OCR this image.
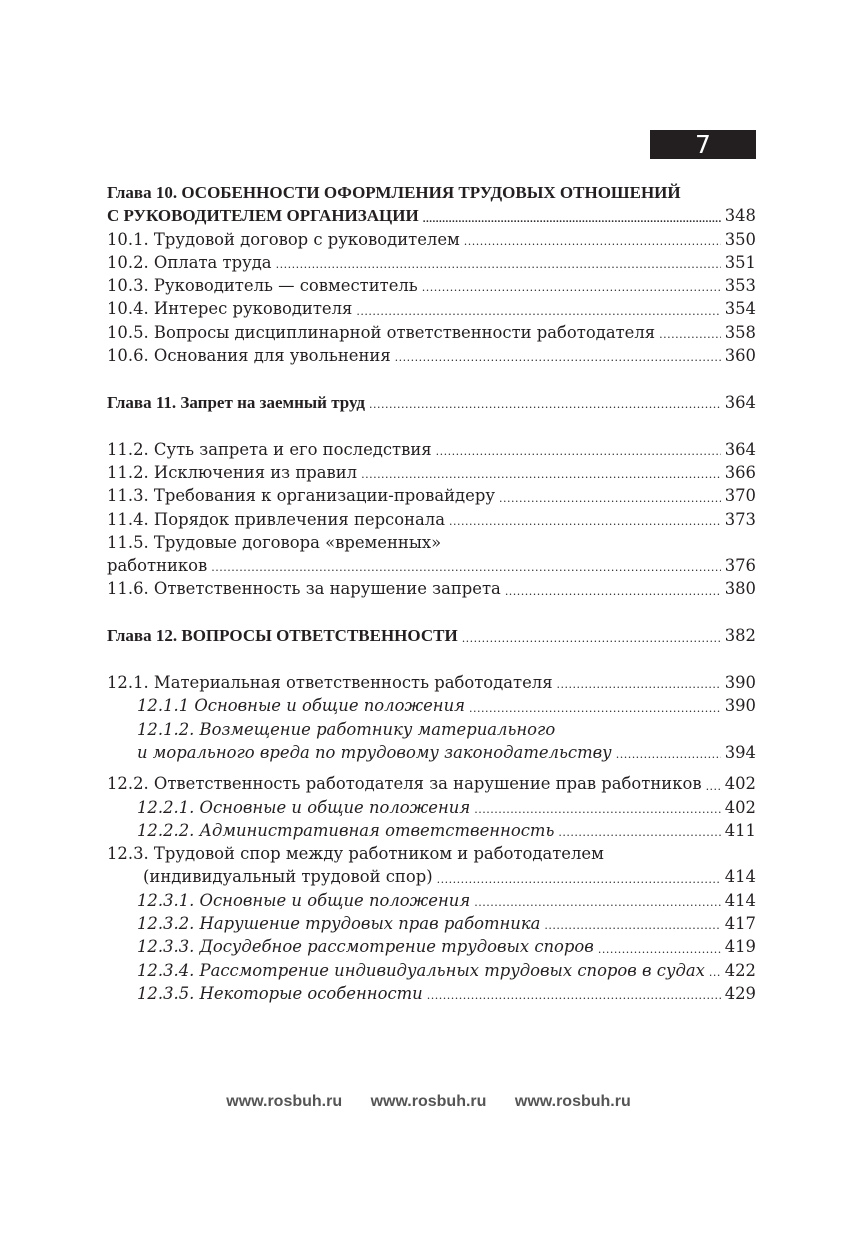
7
Глава 10. ОСОБЕННОСТИ ОФОРМЛЕНИЯ ТРУДОВЫХ ОТНОШЕНИЙ
С РУКОВОДИТЕЛЕМ ОРГАНИЗАЦИИ .....	348
10.1. Трудовой договор с руководителем .....	350
10.2. Оплата труда .....	351
10.3. Руководитель — совместитель .....	353
10.4. Интерес руководителя .....	354
10.5. Вопросы дисциплинарной ответственности работодателя .....	358
10.6. Основания для увольнения .....	360
Глава 11. Запрет на заемный труд .....	364
11.2. Суть запрета и его последствия .....	364
11.2. Исключения из правил .....	366
11.3. Требования к организации-провайдеру .....	370
11.4. Порядок привлечения персонала .....	373
11.5. Трудовые договора «временных»
работников .....	376
11.6. Ответственность за нарушение запрета .....	380
Глава 12. ВОПРОСЫ ОТВЕТСТВЕННОСТИ .....	382
12.1. Материальная ответственность работодателя .....	390
12.1.1 Основные и общие положения .....	390
12.1.2. Возмещение работнику материального
и морального вреда по трудовому законодательству .....	394
12.2. Ответственность работодателя за нарушение прав работников ..... 402
12.2.1. Основные и общие положения .....	402
12.2.2. Административная ответственность .....	411
12.3. Трудовой спор между работником и работодателем
(индивидуальный трудовой спор) .....	414
12.3.1. Основные и общие положения .....	414
12.3.2. Нарушение трудовых прав работника .....	417
12.3.3. Досудебное рассмотрение трудовых споров .....	419
12.3.4. Рассмотрение индивидуальных трудовых споров в судах ..... 422
12.3.5. Некоторые особенности .....	429
www.rosbuh.ru www.rosbuh.ru www.rosbuh.ru
